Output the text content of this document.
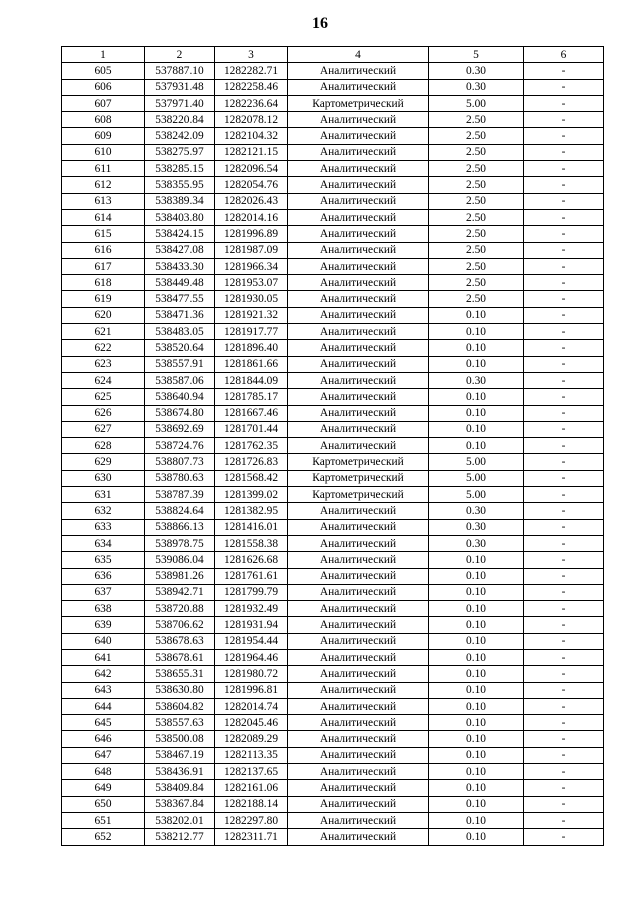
16
1	2	3	4	5	6
605	537887.10	1282282.71	Аналитический	0.30	-
606	537931.48	1282258.46	Аналитический	0.30	-
607	537971.40	1282236.64	Картометрический	5.00	-
608	538220.84	1282078.12	Аналитический	2.50	-
609	538242.09	1282104.32	Аналитический	2.50	-
610	538275.97	1282121.15	Аналитический	2.50	-
611	538285.15	1282096.54	Аналитический	2.50	-
612	538355.95	1282054.76	Аналитический	2.50	-
613	538389.34	1282026.43	Аналитический	2.50	-
614	538403.80	1282014.16	Аналитический	2.50	-
615	538424.15	1281996.89	Аналитический	2.50	-
616	538427.08	1281987.09	Аналитический	2.50	-
617	538433.30	1281966.34	Аналитический	2.50	-
618	538449.48	1281953.07	Аналитический	2.50	-
619	538477.55	1281930.05	Аналитический	2.50	-
620	538471.36	1281921.32	Аналитический	0.10	-
621	538483.05	1281917.77	Аналитический	0.10	-
622	538520.64	1281896.40	Аналитический	0.10	-
623	538557.91	1281861.66	Аналитический	0.10	-
624	538587.06	1281844.09	Аналитический	0.30	-
625	538640.94	1281785.17	Аналитический	0.10	-
626	538674.80	1281667.46	Аналитический	0.10	-
627	538692.69	1281701.44	Аналитический	0.10	-
628	538724.76	1281762.35	Аналитический	0.10	-
629	538807.73	1281726.83	Картометрический	5.00	-
630	538780.63	1281568.42	Картометрический	5.00	-
631	538787.39	1281399.02	Картометрический	5.00	-
632	538824.64	1281382.95	Аналитический	0.30	-
633	538866.13	1281416.01	Аналитический	0.30	-
634	538978.75	1281558.38	Аналитический	0.30	-
635	539086.04	1281626.68	Аналитический	0.10	-
636	538981.26	1281761.61	Аналитический	0.10	-
637	538942.71	1281799.79	Аналитический	0.10	-
638	538720.88	1281932.49	Аналитический	0.10	-
639	538706.62	1281931.94	Аналитический	0.10	-
640	538678.63	1281954.44	Аналитический	0.10	-
641	538678.61	1281964.46	Аналитический	0.10	-
642	538655.31	1281980.72	Аналитический	0.10	-
643	538630.80	1281996.81	Аналитический	0.10	-
644	538604.82	1282014.74	Аналитический	0.10	-
645	538557.63	1282045.46	Аналитический	0.10	-
646	538500.08	1282089.29	Аналитический	0.10	-
647	538467.19	1282113.35	Аналитический	0.10	-
648	538436.91	1282137.65	Аналитический	0.10	-
649	538409.84	1282161.06	Аналитический	0.10	-
650	538367.84	1282188.14	Аналитический	0.10	-
651	538202.01	1282297.80	Аналитический	0.10	-
652	538212.77	1282311.71	Аналитический	0.10	-
